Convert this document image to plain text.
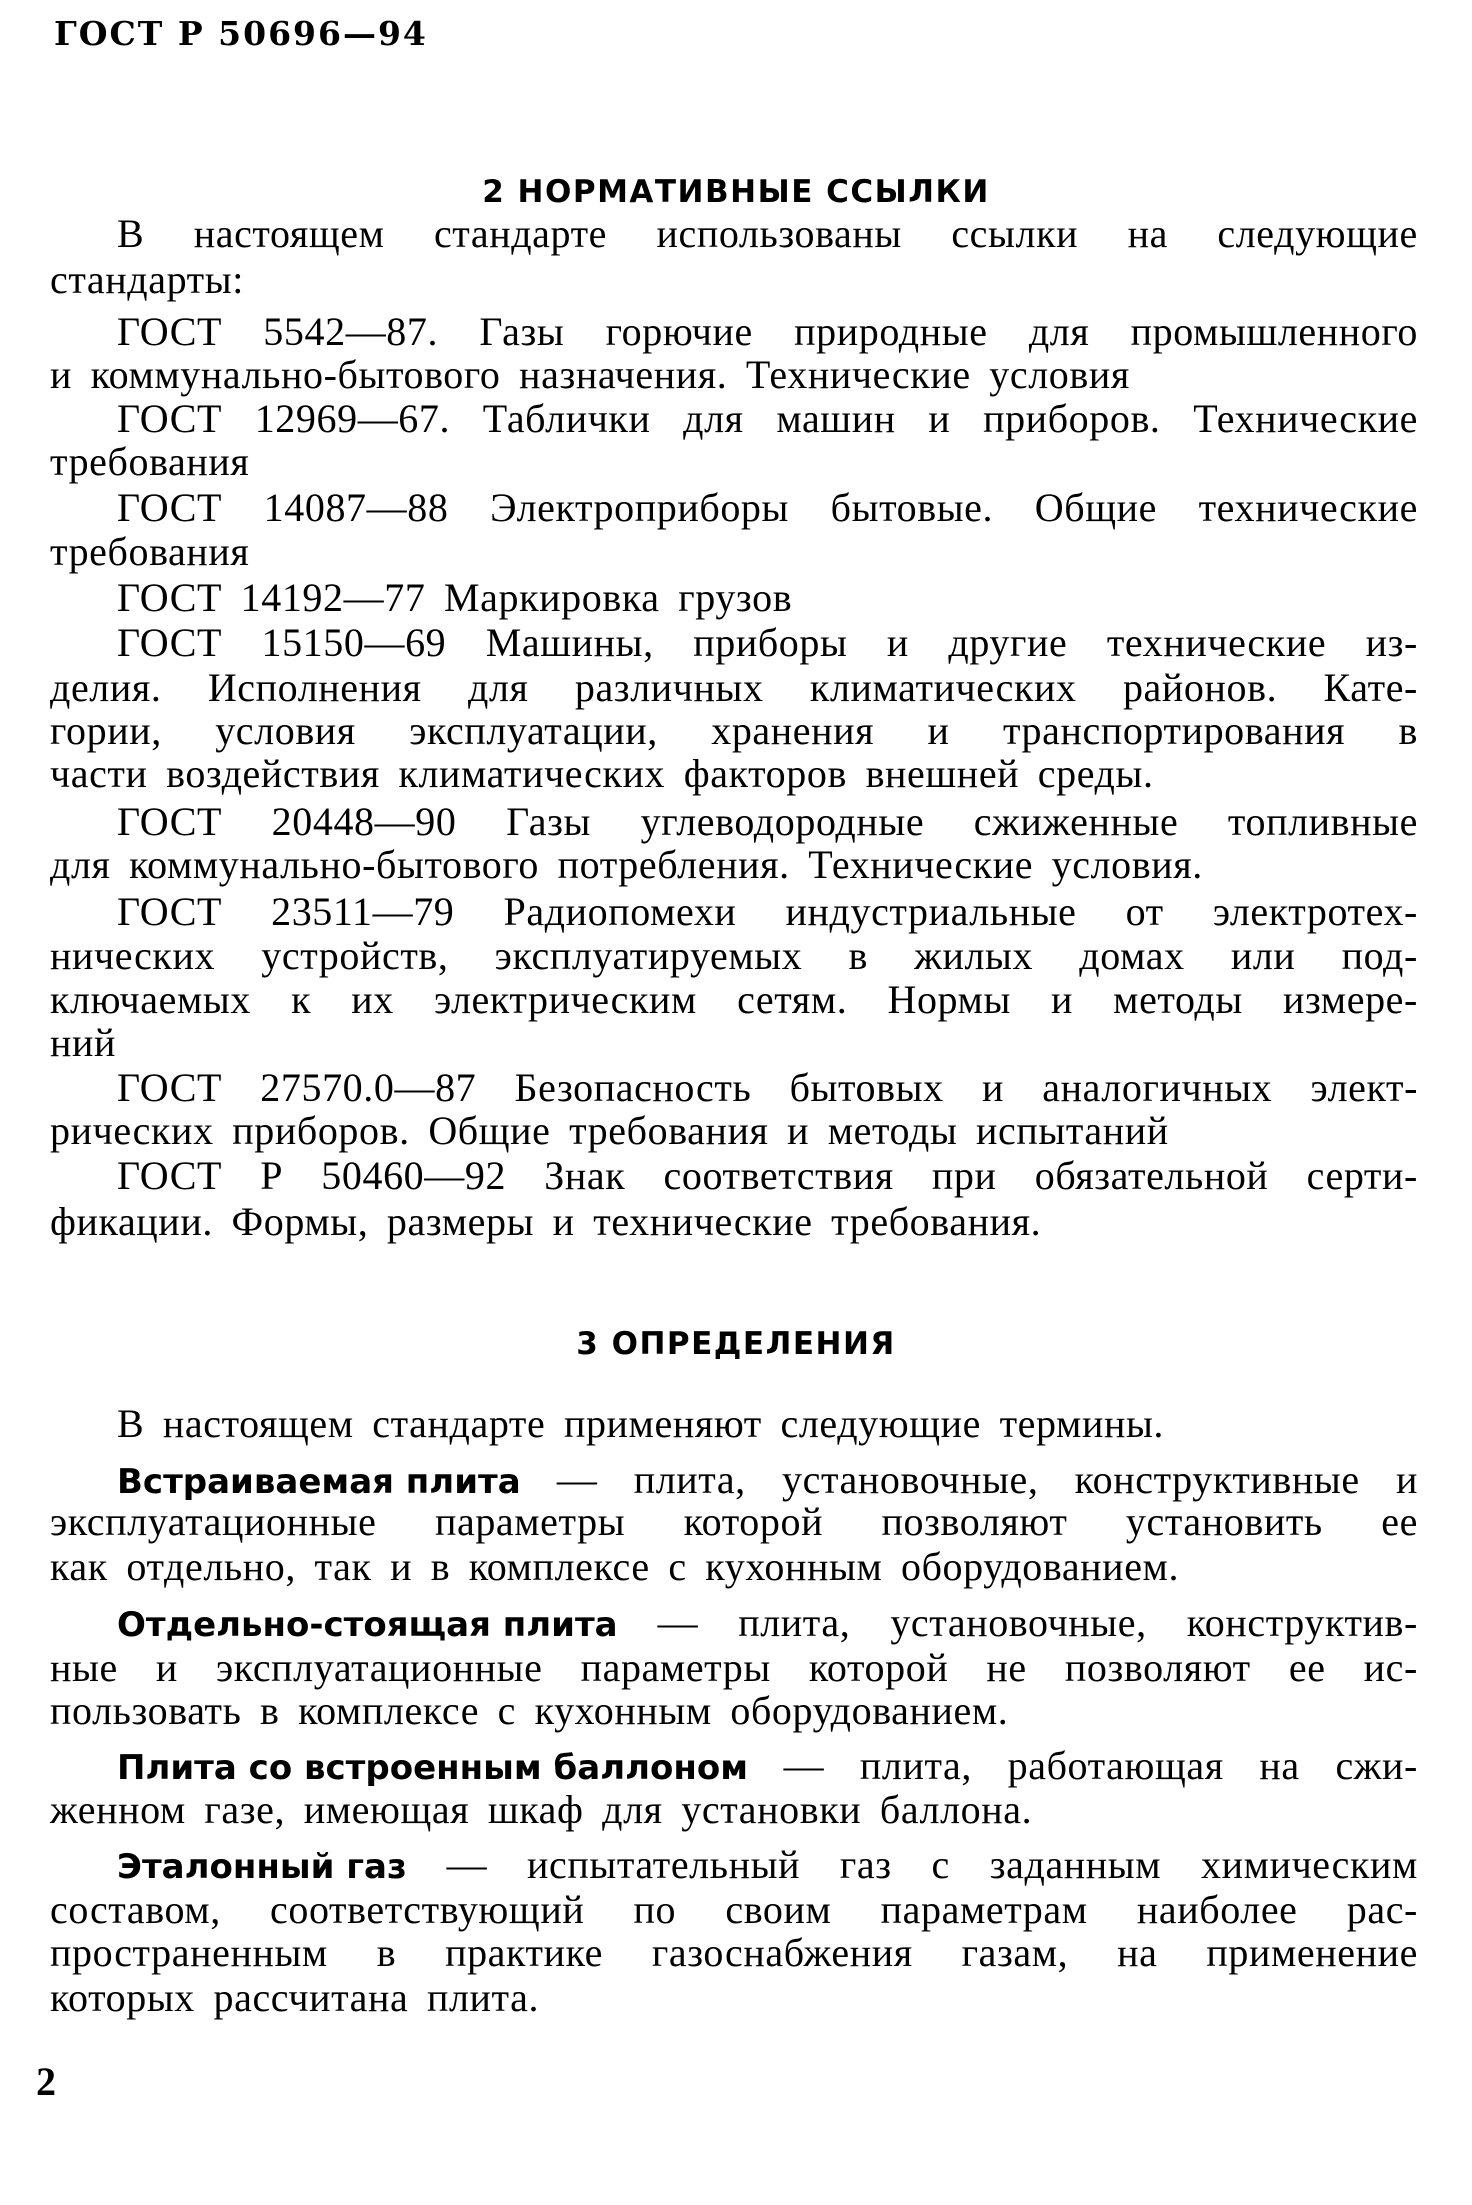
ГОСТ Р 50696—94
2 НОРМАТИВНЫЕ ССЫЛКИ
В настоящем стандарте использованы ссылки на следующие
стандарты:
ГОСТ 5542—87. Газы горючие природные для промышленного
и коммунально-бытового назначения. Технические условия
ГОСТ 12969—67. Таблички для машин и приборов. Технические
требования
ГОСТ 14087—88 Электроприборы бытовые. Общие технические
требования
ГОСТ 14192—77 Маркировка грузов
ГОСТ 15150—69 Машины, приборы и другие технические из-
делия. Исполнения для различных климатических районов. Кате-
гории, условия эксплуатации, хранения и транспортирования в
части воздействия климатических факторов внешней среды.
ГОСТ 20448—90 Газы углеводородные сжиженные топливные
для коммунально-бытового потребления. Технические условия.
ГОСТ 23511—79 Радиопомехи индустриальные от электротех-
нических устройств, эксплуатируемых в жилых домах или под-
ключаемых к их электрическим сетям. Нормы и методы измере-
ний
ГОСТ 27570.0—87 Безопасность бытовых и аналогичных элект-
рических приборов. Общие требования и методы испытаний
ГОСТ Р 50460—92 Знак соответствия при обязательной серти-
фикации. Формы, размеры и технические требования.
3 ОПРЕДЕЛЕНИЯ
В настоящем стандарте применяют следующие термины.
Встраиваемая плита — плита, установочные, конструктивные и
эксплуатационные параметры которой позволяют установить ее
как отдельно, так и в комплексе с кухонным оборудованием.
Отдельно-стоящая плита — плита, установочные, конструктив-
ные и эксплуатационные параметры которой не позволяют ее ис-
пользовать в комплексе с кухонным оборудованием.
Плита со встроенным баллоном — плита, работающая на сжи-
женном газе, имеющая шкаф для установки баллона.
Эталонный газ — испытательный газ с заданным химическим
составом, соответствующий по своим параметрам наиболее рас-
пространенным в практике газоснабжения газам, на применение
которых рассчитана плита.
2
